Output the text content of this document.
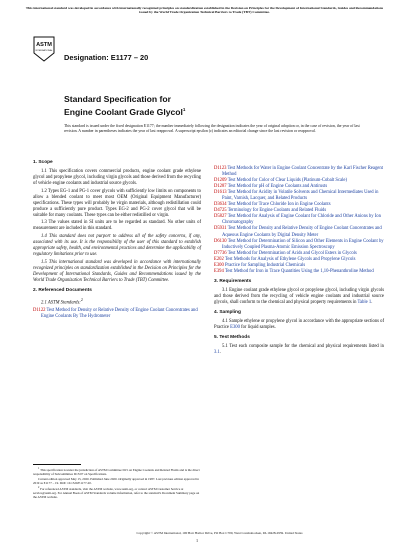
This international standard was developed in accordance with internationally recognized principles on standardization established in the Decision on Principles for the Development of International Standards, Guides and Recommendations issued by the World Trade Organization Technical Barriers to Trade (TBT) Committee.
ASTM
INTERNATIONAL
Designation: E1177 – 20
Standard Specification for
Engine Coolant Grade Glycol$^1$
This standard is issued under the fixed designation E1177; the number immediately following the designation indicates the year of original adoption or, in the case of revision, the year of last revision. A number in parentheses indicates the year of last reapproval. A superscript epsilon (ε) indicates an editorial change since the last revision or reapproval.
1. Scope

1.1 This specification covers commercial products, engine coolant grade ethylene glycol and propylene glycol, including virgin glycols and those derived from the recycling of vehicle engine coolants and industrial source glycols.

1.2 Types EG-1 and PG-1 cover glycols with sufficiently low limits on components to allow a blended coolant to meet most OEM (Original Equipment Manufacturer) specifications. These types will probably be virgin materials, although redistillation could produce a sufficiently pure product. Types EG-2 and PG-2 cover glycol that will be suitable for many coolants. These types can be either redistilled or virgin.

1.3 The values stated in SI units are to be regarded as standard. No other units of measurement are included in this standard.

1.4 This standard does not purport to address all of the safety concerns, if any, associated with its use. It is the responsibility of the user of this standard to establish appropriate safety, health, and environmental practices and determine the applicability of regulatory limitations prior to use.

1.5 This international standard was developed in accordance with internationally recognized principles on standardization established in the Decision on Principles for the Development of International Standards, Guides and Recommendations issued by the World Trade Organization Technical Barriers to Trade (TBT) Committee.

2. Referenced Documents

2.1 ASTM Standards:$^2$

D1122 Test Method for Density or Relative Density of Engine Coolant Concentrates and Engine Coolants By The Hydrometer

$^1$ This specification is under the jurisdiction of ASTM Committee D15 on Engine Coolants and Related Fluids and is the direct responsibility of Subcommittee D15/07 on Specifications.

Current edition approved May 15, 2020. Published June 2020. Originally approved in 1987. Last previous edition approved in 2019 as E1177 – 19. DOI: 10.1520/E1177-20.

$^2$ For referenced ASTM standards, visit the ASTM website, www.astm.org, or contact ASTM Customer Service at service@astm.org. For Annual Book of ASTM Standards volume information, refer to the standard's Document Summary page on the ASTM website.

D1123 Test Methods for Water in Engine Coolant Concentrate by the Karl Fischer Reagent Method

D1209 Test Method for Color of Clear Liquids (Platinum-Cobalt Scale)

D1287 Test Method for pH of Engine Coolants and Antirusts

D1613 Test Method for Acidity in Volatile Solvents and Chemical Intermediates Used in Paint, Varnish, Lacquer, and Related Products

D3634 Test Method for Trace Chloride Ion in Engine Coolants

D4725 Terminology for Engine Coolants and Related Fluids

D5827 Test Method for Analysis of Engine Coolant for Chloride and Other Anions by Ion Chromatography

D5931 Test Method for Density and Relative Density of Engine Coolant Concentrates and Aqueous Engine Coolants by Digital Density Meter

D6130 Test Method for Determination of Silicon and Other Elements in Engine Coolant by Inductively Coupled Plasma-Atomic Emission Spectroscopy

D7736 Test Method for Determination of Acids and Glycol Esters in Glycols

E202 Test Methods for Analysis of Ethylene Glycols and Propylene Glycols

E300 Practice for Sampling Industrial Chemicals

E394 Test Method for Iron in Trace Quantities Using the 1,10-Phenanthroline Method

3. Requirements

3.1 Engine coolant grade ethylene glycol or propylene glycol, including virgin glycols and those derived from the recycling of vehicle engine coolants and industrial source glycols, shall conform to the chemical and physical property requirements in Table 1.

4. Sampling

4.1 Sample ethylene or propylene glycol in accordance with the appropriate sections of Practice E300 for liquid samples.

5. Test Methods

5.1 Test each composite sample for the chemical and physical requirements listed in 3.1.

Copyright © ASTM International, 100 Barr Harbor Drive, PO Box C700, West Conshohocken, PA 19428-2959. United States
1
